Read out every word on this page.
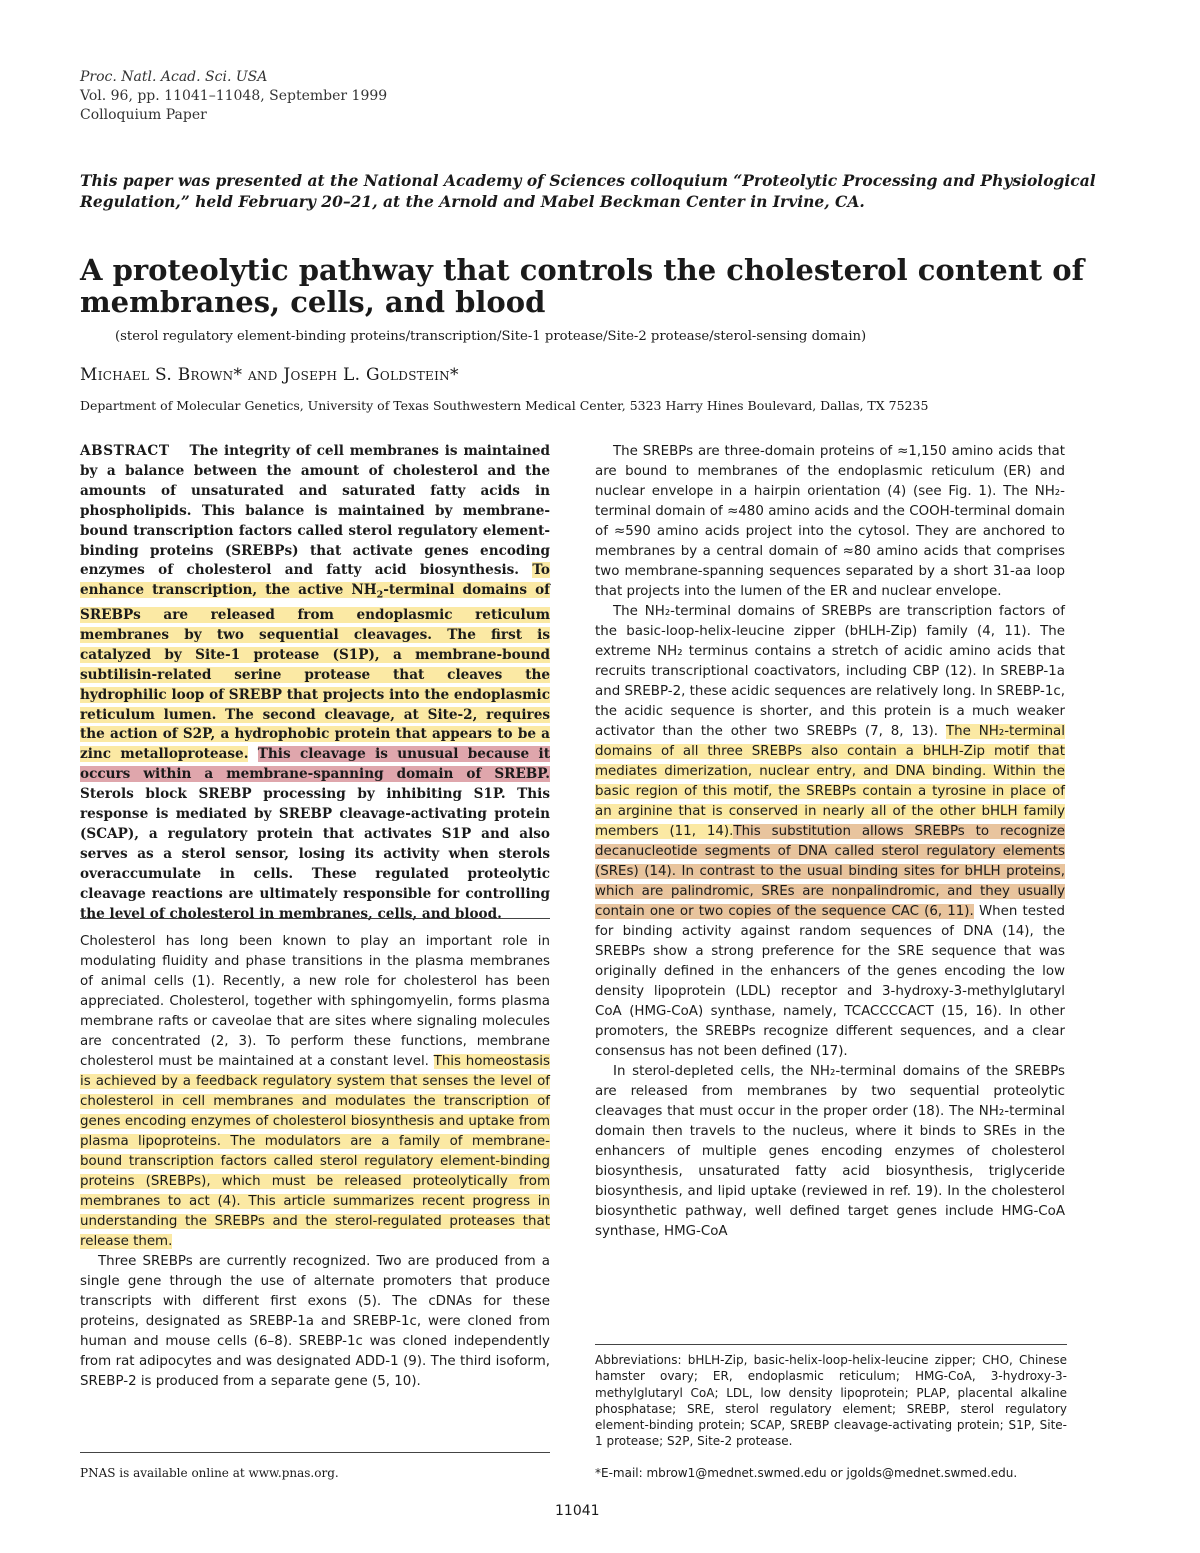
Proc. Natl. Acad. Sci. USA
Vol. 96, pp. 11041–11048, September 1999
Colloquium Paper
This paper was presented at the National Academy of Sciences colloquium “Proteolytic Processing and Physiological Regulation,” held February 20–21, at the Arnold and Mabel Beckman Center in Irvine, CA.
A proteolytic pathway that controls the cholesterol content of membranes, cells, and blood
(sterol regulatory element-binding proteins/transcription/Site-1 protease/Site-2 protease/sterol-sensing domain)
Michael S. Brown* and Joseph L. Goldstein*
Department of Molecular Genetics, University of Texas Southwestern Medical Center, 5323 Harry Hines Boulevard, Dallas, TX 75235
ABSTRACT The integrity of cell membranes is maintained by a balance between the amount of cholesterol and the amounts of unsaturated and saturated fatty acids in phospholipids. This balance is maintained by membrane-bound transcription factors called sterol regulatory element-binding proteins (SREBPs) that activate genes encoding enzymes of cholesterol and fatty acid biosynthesis. To enhance transcription, the active $NH_2$-terminal domains of SREBPs are released from endoplasmic reticulum membranes by two sequential cleavages. The first is catalyzed by Site-1 protease (S1P), a membrane-bound subtilisin-related serine protease that cleaves the hydrophilic loop of SREBP that projects into the endoplasmic reticulum lumen. The second cleavage, at Site-2, requires the action of S2P, a hydrophobic protein that appears to be a zinc metalloprotease. This cleavage is unusual because it occurs within a membrane-spanning domain of SREBP. Sterols block SREBP processing by inhibiting S1P. This response is mediated by SREBP cleavage-activating protein (SCAP), a regulatory protein that activates S1P and also serves as a sterol sensor, losing its activity when sterols overaccumulate in cells. These regulated proteolytic cleavage reactions are ultimately responsible for controlling the level of cholesterol in membranes, cells, and blood.

Cholesterol has long been known to play an important role in modulating fluidity and phase transitions in the plasma membranes of animal cells (1). Recently, a new role for cholesterol has been appreciated. Cholesterol, together with sphingomyelin, forms plasma membrane rafts or caveolae that are sites where signaling molecules are concentrated (2, 3). To perform these functions, membrane cholesterol must be maintained at a constant level. This homeostasis is achieved by a feedback regulatory system that senses the level of cholesterol in cell membranes and modulates the transcription of genes encoding enzymes of cholesterol biosynthesis and uptake from plasma lipoproteins. The modulators are a family of membrane-bound transcription factors called sterol regulatory element-binding proteins (SREBPs), which must be released proteolytically from membranes to act (4). This article summarizes recent progress in understanding the SREBPs and the sterol-regulated proteases that release them.

Three SREBPs are currently recognized. Two are produced from a single gene through the use of alternate promoters that produce transcripts with different first exons (5). The cDNAs for these proteins, designated as SREBP-1a and SREBP-1c, were cloned from human and mouse cells (6–8). SREBP-1c was cloned independently from rat adipocytes and was designated ADD-1 (9). The third isoform, SREBP-2 is produced from a separate gene (5, 10).

PNAS is available online at www.pnas.org.

The SREBPs are three-domain proteins of ≈1,150 amino acids that are bound to membranes of the endoplasmic reticulum (ER) and nuclear envelope in a hairpin orientation (4) (see Fig. 1). The NH₂-terminal domain of ≈480 amino acids and the COOH-terminal domain of ≈590 amino acids project into the cytosol. They are anchored to membranes by a central domain of ≈80 amino acids that comprises two membrane-spanning sequences separated by a short 31-aa loop that projects into the lumen of the ER and nuclear envelope.

The NH₂-terminal domains of SREBPs are transcription factors of the basic-loop-helix-leucine zipper (bHLH-Zip) family (4, 11). The extreme NH₂ terminus contains a stretch of acidic amino acids that recruits transcriptional coactivators, including CBP (12). In SREBP-1a and SREBP-2, these acidic sequences are relatively long. In SREBP-1c, the acidic sequence is shorter, and this protein is a much weaker activator than the other two SREBPs (7, 8, 13). The NH₂-terminal domains of all three SREBPs also contain a bHLH-Zip motif that mediates dimerization, nuclear entry, and DNA binding. Within the basic region of this motif, the SREBPs contain a tyrosine in place of an arginine that is conserved in nearly all of the other bHLH family members (11, 14).This substitution allows SREBPs to recognize decanucleotide segments of DNA called sterol regulatory elements (SREs) (14). In contrast to the usual binding sites for bHLH proteins, which are palindromic, SREs are nonpalindromic, and they usually contain one or two copies of the sequence CAC (6, 11). When tested for binding activity against random sequences of DNA (14), the SREBPs show a strong preference for the SRE sequence that was originally defined in the enhancers of the genes encoding the low density lipoprotein (LDL) receptor and 3-hydroxy-3-methylglutaryl CoA (HMG-CoA) synthase, namely, TCACCCCACT (15, 16). In other promoters, the SREBPs recognize different sequences, and a clear consensus has not been defined (17).

In sterol-depleted cells, the NH₂-terminal domains of the SREBPs are released from membranes by two sequential proteolytic cleavages that must occur in the proper order (18). The NH₂-terminal domain then travels to the nucleus, where it binds to SREs in the enhancers of multiple genes encoding enzymes of cholesterol biosynthesis, unsaturated fatty acid biosynthesis, triglyceride biosynthesis, and lipid uptake (reviewed in ref. 19). In the cholesterol biosynthetic pathway, well defined target genes include HMG-CoA synthase, HMG-CoA

Abbreviations: bHLH-Zip, basic-helix-loop-helix-leucine zipper; CHO, Chinese hamster ovary; ER, endoplasmic reticulum; HMG-CoA, 3-hydroxy-3-methylglutaryl CoA; LDL, low density lipoprotein; PLAP, placental alkaline phosphatase; SRE, sterol regulatory element; SREBP, sterol regulatory element-binding protein; SCAP, SREBP cleavage-activating protein; S1P, Site-1 protease; S2P, Site-2 protease.
*E-mail: mbrow1@mednet.swmed.edu or jgolds@mednet.swmed.edu.
11041
